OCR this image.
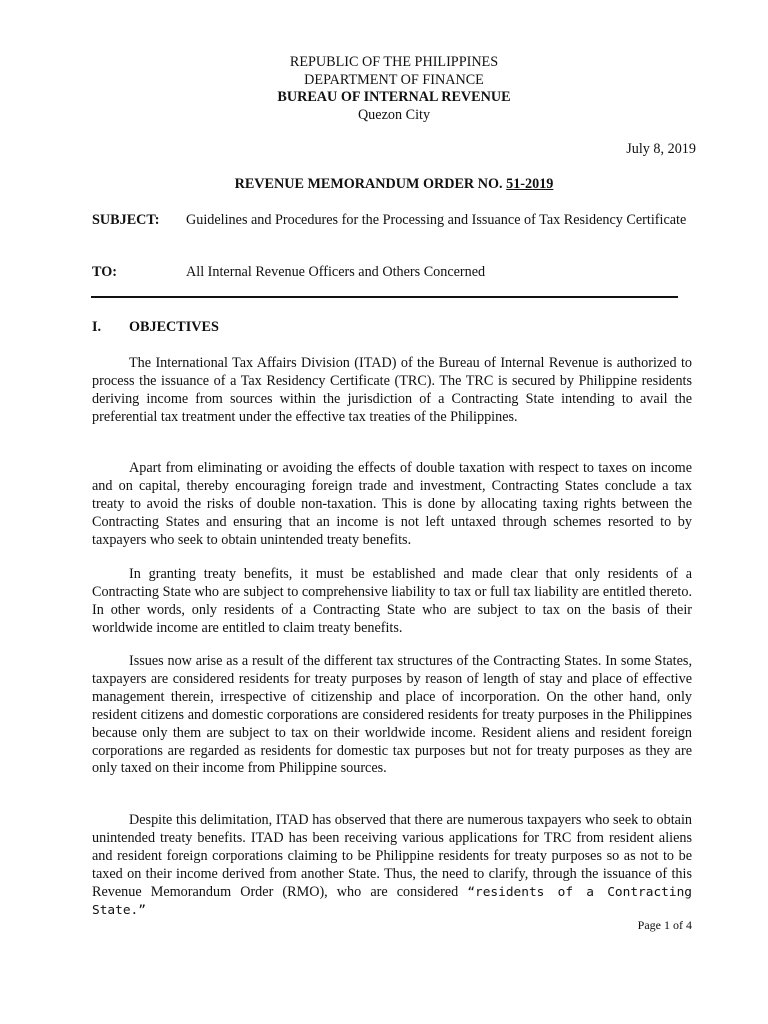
REPUBLIC OF THE PHILIPPINES
DEPARTMENT OF FINANCE
BUREAU OF INTERNAL REVENUE
Quezon City
July 8, 2019
REVENUE MEMORANDUM ORDER NO. 51-2019
SUBJECT: Guidelines and Procedures for the Processing and Issuance of Tax Residency Certificate
TO:	All Internal Revenue Officers and Others Concerned
I. OBJECTIVES

The International Tax Affairs Division (ITAD) of the Bureau of Internal Revenue is authorized to process the issuance of a Tax Residency Certificate (TRC). The TRC is secured by Philippine residents deriving income from sources within the jurisdiction of a Contracting State intending to avail the preferential tax treatment under the effective tax treaties of the Philippines.

Apart from eliminating or avoiding the effects of double taxation with respect to taxes on income and on capital, thereby encouraging foreign trade and investment, Contracting States conclude a tax treaty to avoid the risks of double non-taxation. This is done by allocating taxing rights between the Contracting States and ensuring that an income is not left untaxed through schemes resorted to by taxpayers who seek to obtain unintended treaty benefits.

In granting treaty benefits, it must be established and made clear that only residents of a Contracting State who are subject to comprehensive liability to tax or full tax liability are entitled thereto. In other words, only residents of a Contracting State who are subject to tax on the basis of their worldwide income are entitled to claim treaty benefits.

Issues now arise as a result of the different tax structures of the Contracting States. In some States, taxpayers are considered residents for treaty purposes by reason of length of stay and place of effective management therein, irrespective of citizenship and place of incorporation. On the other hand, only resident citizens and domestic corporations are considered residents for treaty purposes in the Philippines because only them are subject to tax on their worldwide income. Resident aliens and resident foreign corporations are regarded as residents for domestic tax purposes but not for treaty purposes as they are only taxed on their income from Philippine sources.

Despite this delimitation, ITAD has observed that there are numerous taxpayers who seek to obtain unintended treaty benefits. ITAD has been receiving various applications for TRC from resident aliens and resident foreign corporations claiming to be Philippine residents for treaty purposes so as not to be taxed on their income derived from another State. Thus, the need to clarify, through the issuance of this Revenue Memorandum Order (RMO), who are considered “residents of a Contracting State.”

Page 1 of 4
